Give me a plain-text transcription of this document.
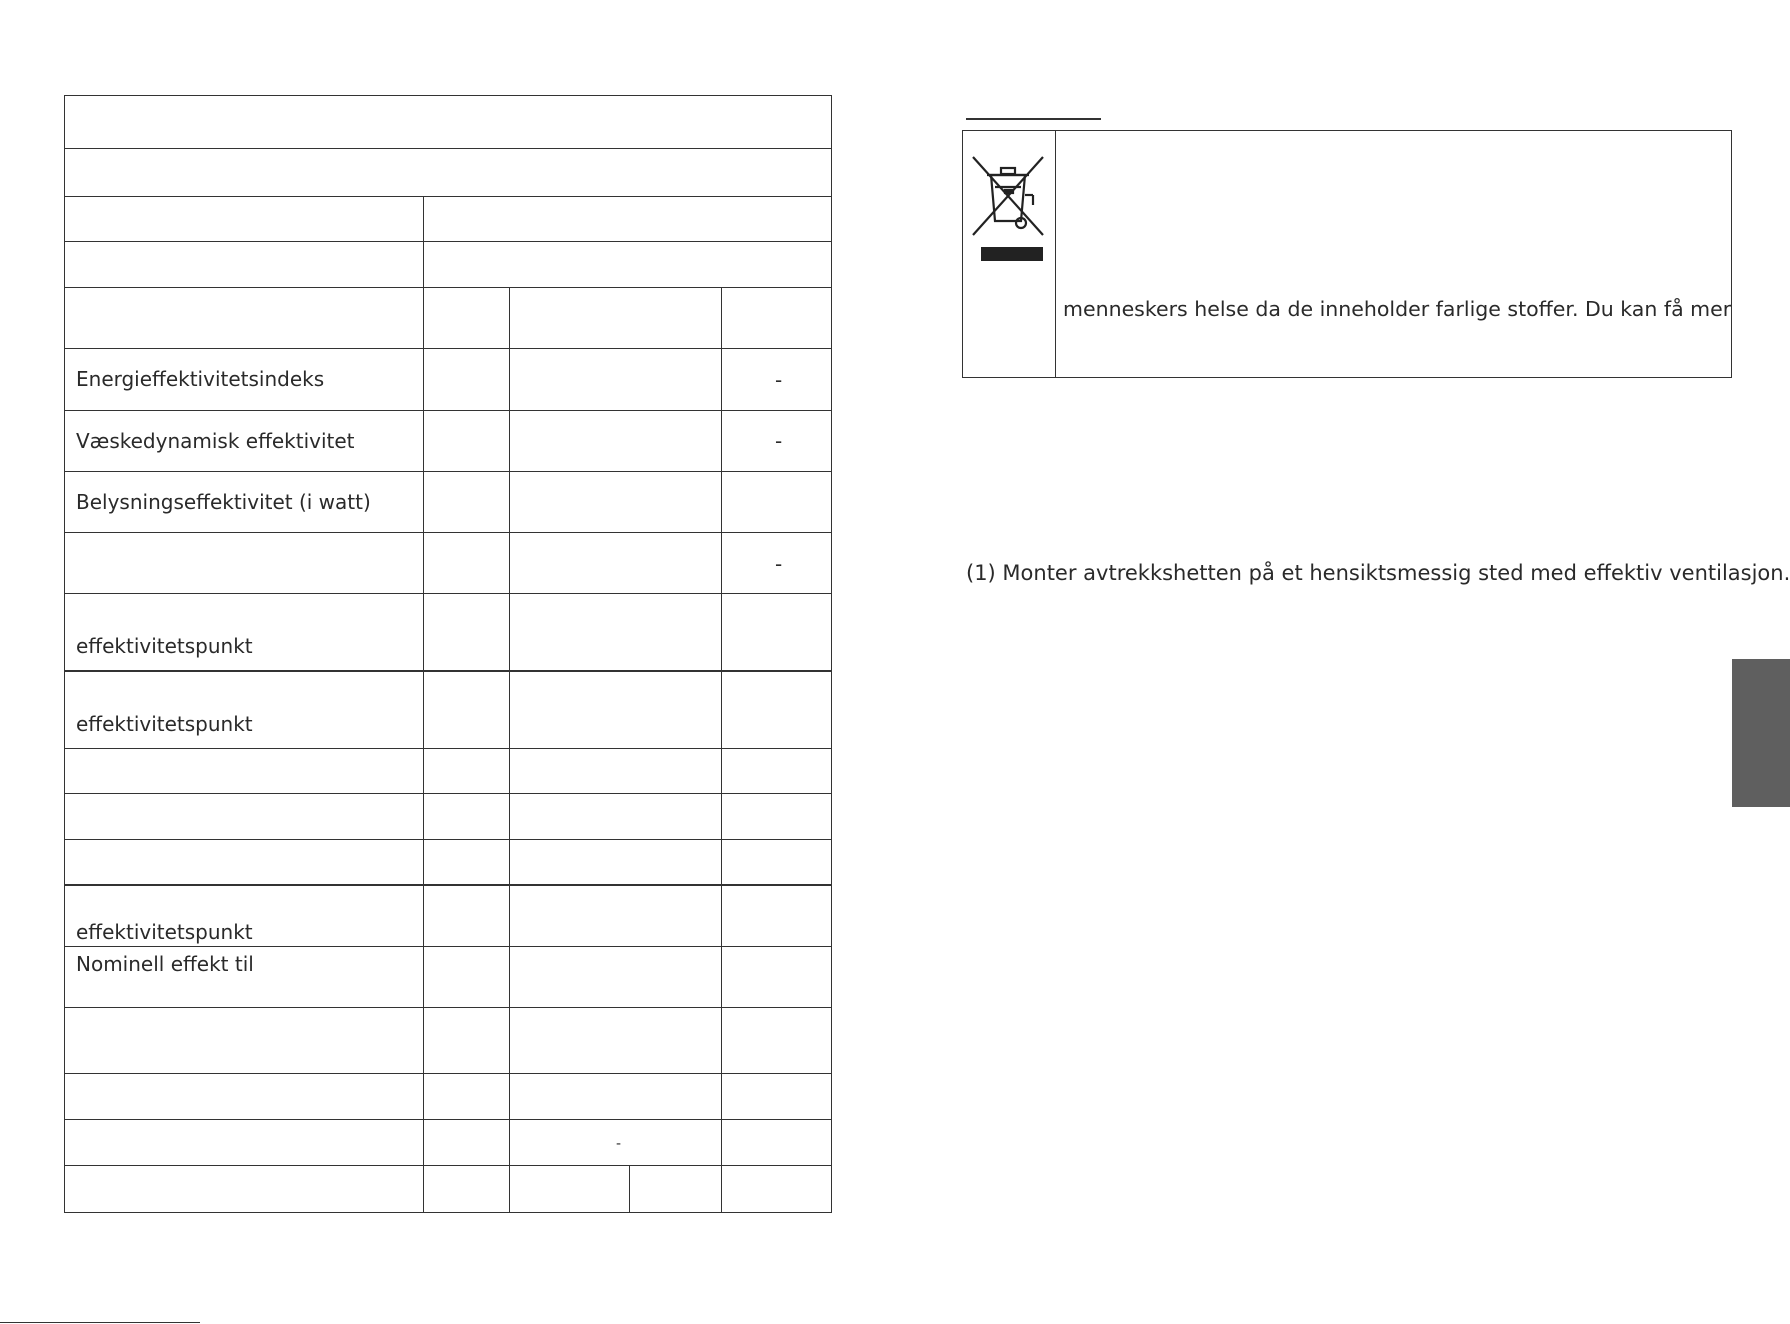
Energieffektivitetsindeks
Væskedynamisk effektivitet
Belysningseffektivitet (i watt)
effektivitetspunkt
effektivitetspunkt
effektivitetspunkt
Nominell effekt til
-
-
-
-
menneskers helse da de inneholder farlige stoffer. Du kan få mer
(1) Monter avtrekkshetten på et hensiktsmessig sted med effektiv ventilasjon.
